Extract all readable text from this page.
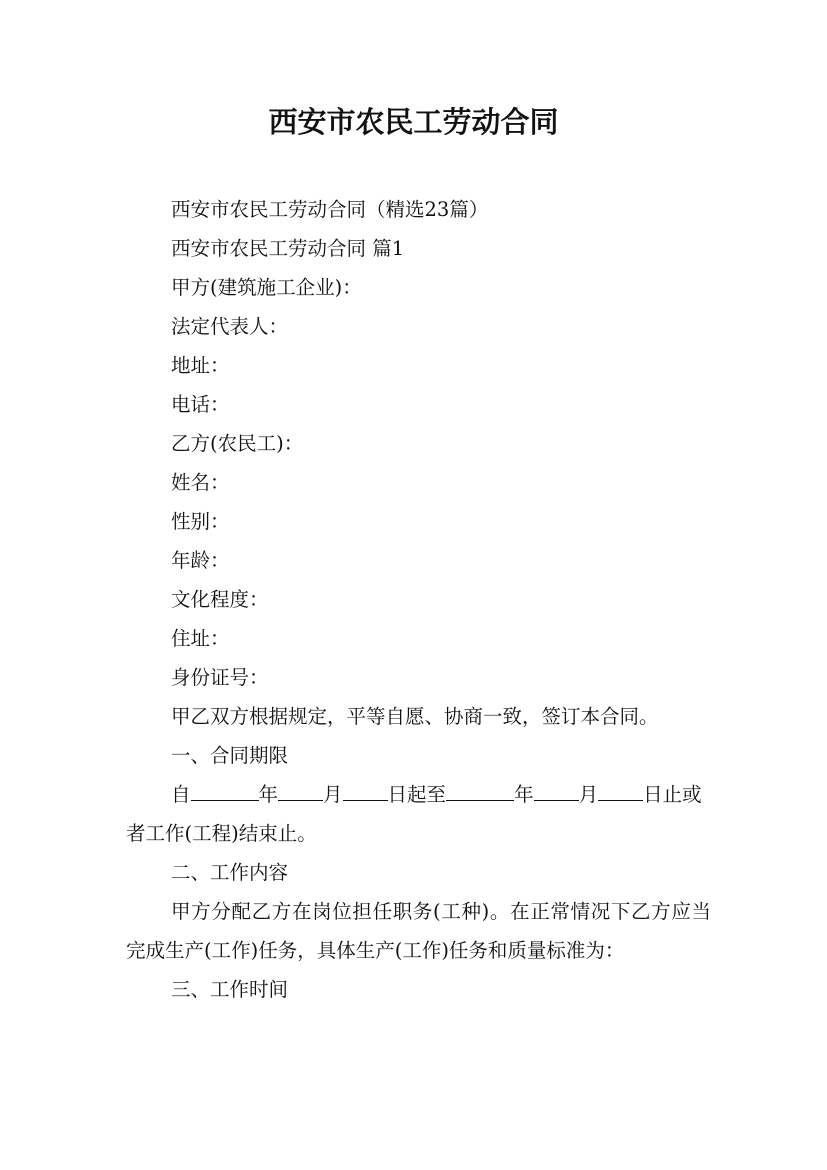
西安市农民工劳动合同
西安市农民工劳动合同（精选23篇）
西安市农民工劳动合同 篇1
甲方(建筑施工企业)：
法定代表人：
地址：
电话：
乙方(农民工)：
姓名：
性别：
年龄：
文化程度：
住址：
身份证号：
甲乙双方根据规定，平等自愿、协商一致，签订本合同。
一、合同期限
自	年 月 日起至	年 月 日止或者工作(工程)结束止。
二、工作内容
甲方分配乙方在岗位担任职务(工种)。在正常情况下乙方应当完成生产(工作)任务，具体生产(工作)任务和质量标准为：
三、工作时间
